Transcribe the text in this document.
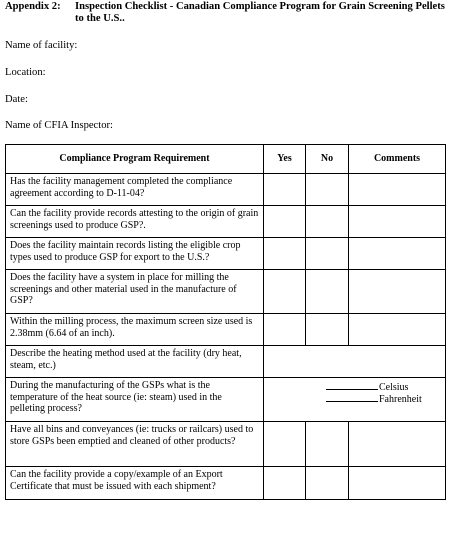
Appendix 2: Inspection Checklist - Canadian Compliance Program for Grain Screening Pellets to the U.S..
Name of facility:
Location:
Date:
Name of CFIA Inspector:
Compliance Program Requirement	Yes	No	Comments
Has the facility management completed the compliance agreement according to D-11-04?			
Can the facility provide records attesting to the origin of grain screenings used to produce GSP?.			
Does the facility maintain records listing the eligible crop types used to produce GSP for export to the U.S.?			
Does the facility have a system in place for milling the screenings and other material used in the manufacture of GSP?			
Within the milling process, the maximum screen size used is 2.38mm (6.64 of an inch).			
Describe the heating method used at the facility (dry heat, steam, etc.)			
During the manufacturing of the GSPs what is the temperature of the heat source (ie: steam) used in the pelleting process?	Celsius
Fahrenheit		

Have all bins and conveyances (ie: trucks or railcars) used to store GSPs been emptied and cleaned of other products?			
Can the facility provide a copy/example of an Export Certificate that must be issued with each shipment?			
